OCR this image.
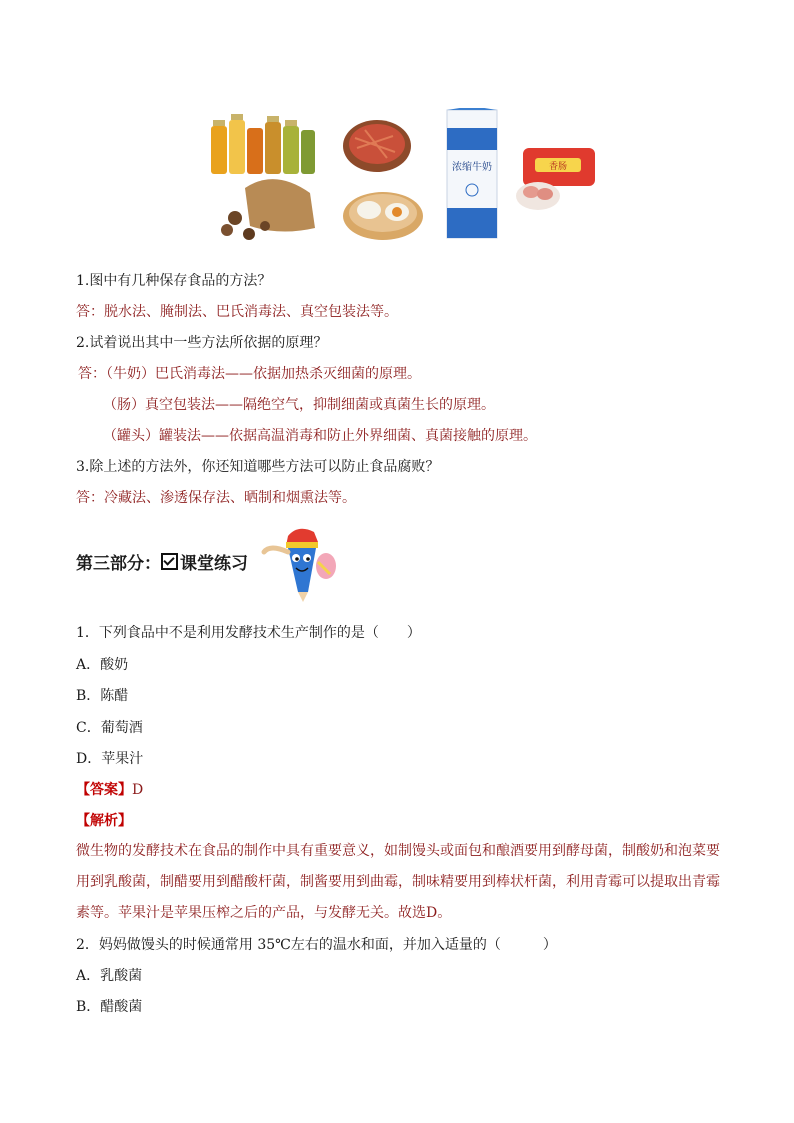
浓缩牛奶	香肠
1.图中有几种保存食品的方法？
答：脱水法、腌制法、巴氏消毒法、真空包装法等。
2.试着说出其中一些方法所依据的原理？
答：（牛奶）巴氏消毒法——依据加热杀灭细菌的原理。
（肠）真空包装法——隔绝空气，抑制细菌或真菌生长的原理。
（罐头）罐装法——依据高温消毒和防止外界细菌、真菌接触的原理。
3.除上述的方法外，你还知道哪些方法可以防止食品腐败？
答：冷藏法、渗透保存法、晒制和烟熏法等。
第三部分： 课堂练习
1．下列食品中不是利用发酵技术生产制作的是（　　）
A．酸奶
B．陈醋
C．葡萄酒
D．苹果汁
【答案】D
【解析】
微生物的发酵技术在食品的制作中具有重要意义，如制馒头或面包和酿酒要用到酵母菌，制酸奶和泡菜要用到乳酸菌，制醋要用到醋酸杆菌，制酱要用到曲霉，制味精要用到棒状杆菌，利用青霉可以提取出青霉素等。苹果汁是苹果压榨之后的产品，与发酵无关。故选D。
2．妈妈做馒头的时候通常用 35℃左右的温水和面，并加入适量的（　　　）
A．乳酸菌
B．醋酸菌
